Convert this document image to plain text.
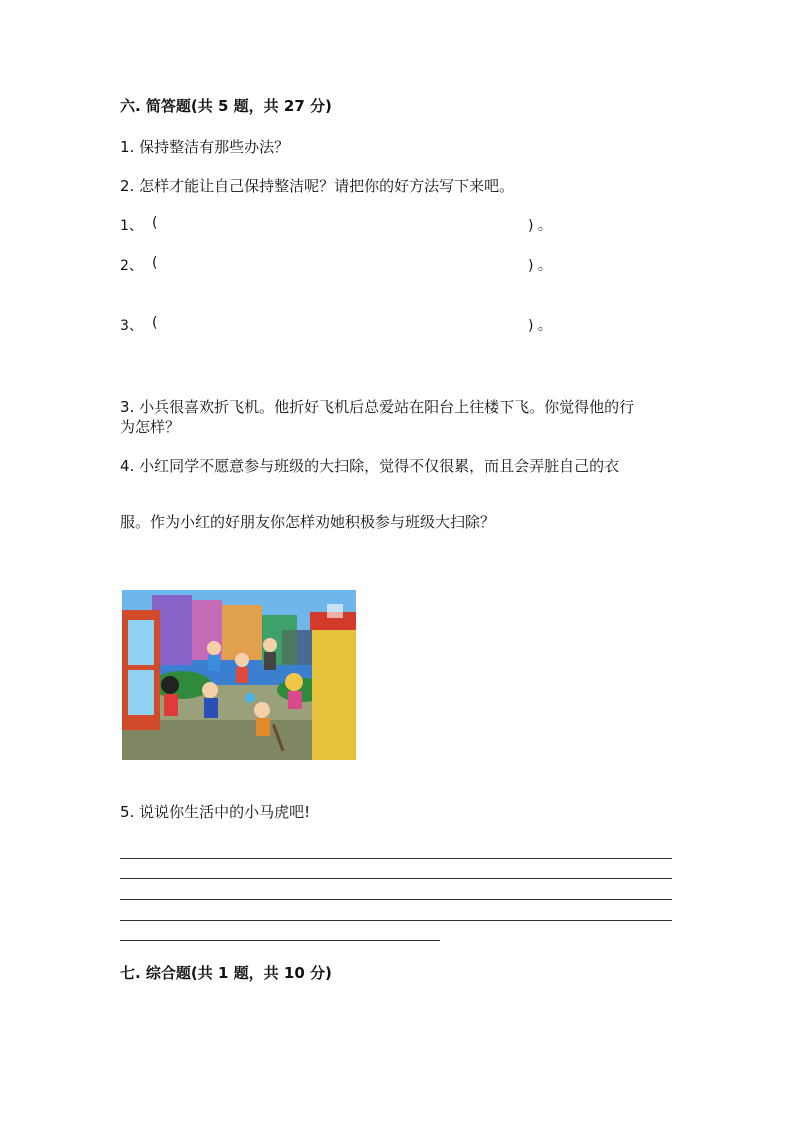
六. 简答题(共 5 题，共 27 分)
1. 保持整洁有那些办法？
2. 怎样才能让自己保持整洁呢？请把你的好方法写下来吧。
1、 (	) 。
2、 (	) 。
3、 (	) 。
3. 小兵很喜欢折飞机。他折好飞机后总爱站在阳台上往楼下飞。你觉得他的行
为怎样？
4. 小红同学不愿意参与班级的大扫除，觉得不仅很累，而且会弄脏自己的衣
服。作为小红的好朋友你怎样劝她积极参与班级大扫除？
5. 说说你生活中的小马虎吧!
七. 综合题(共 1 题，共 10 分)
